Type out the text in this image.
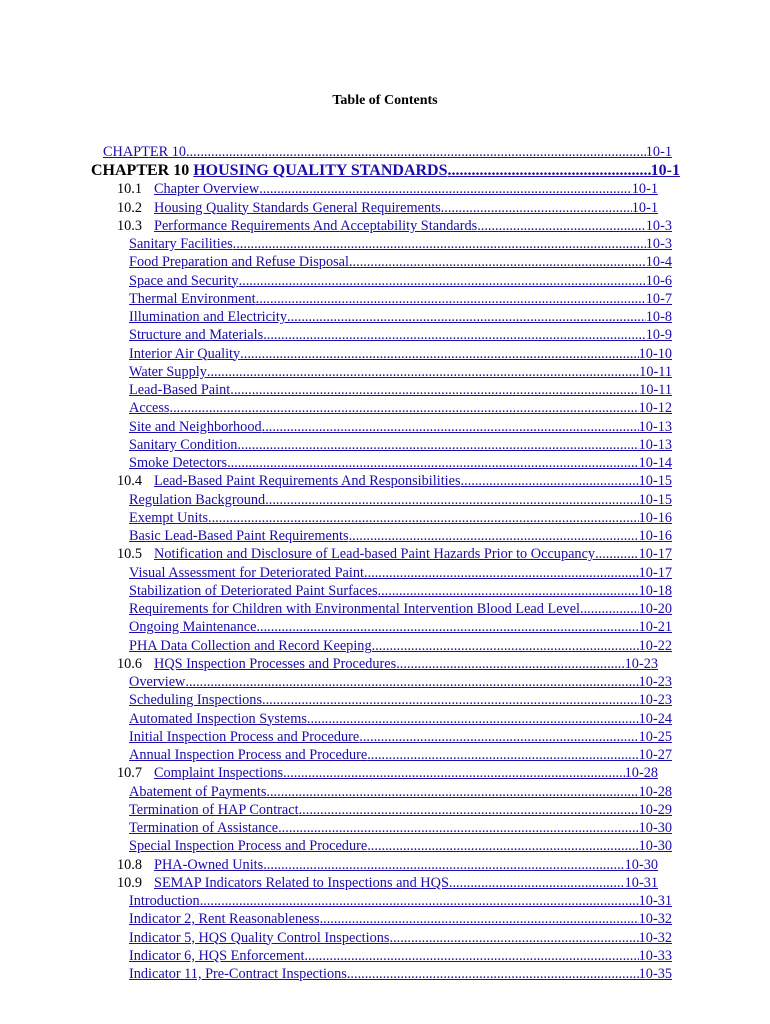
Table of Contents
CHAPTER 10 .....	10-1
CHAPTER 10 HOUSING QUALITY STANDARDS .....	10-1
10.1 Chapter Overview .....	10-1
10.2 Housing Quality Standards General Requirements .....	10-1
10.3 Performance Requirements And Acceptability Standards .....	10-3
Sanitary Facilities .....	10-3
Food Preparation and Refuse Disposal .....	10-4
Space and Security .....	10-6
Thermal Environment .....	10-7
Illumination and Electricity .....	10-8
Structure and Materials .....	10-9
Interior Air Quality .....	10-10
Water Supply .....	10-11
Lead-Based Paint .....	10-11
Access .....	10-12
Site and Neighborhood .....	10-13
Sanitary Condition .....	10-13
Smoke Detectors .....	10-14
10.4 Lead-Based Paint Requirements And Responsibilities .....	10-15
Regulation Background .....	10-15
Exempt Units .....	10-16
Basic Lead-Based Paint Requirements .....	10-16
10.5 Notification and Disclosure of Lead-based Paint Hazards Prior to Occupancy .....	10-17
Visual Assessment for Deteriorated Paint .....	10-17
Stabilization of Deteriorated Paint Surfaces .....	10-18
Requirements for Children with Environmental Intervention Blood Lead Level .....	10-20
Ongoing Maintenance .....	10-21
PHA Data Collection and Record Keeping .....	10-22
10.6 HQS Inspection Processes and Procedures .....	10-23
Overview .....	10-23
Scheduling Inspections .....	10-23
Automated Inspection Systems .....	10-24
Initial Inspection Process and Procedure .....	10-25
Annual Inspection Process and Procedure .....	10-27
10.7 Complaint Inspections .....	10-28
Abatement of Payments .....	10-28
Termination of HAP Contract .....	10-29
Termination of Assistance .....	10-30
Special Inspection Process and Procedure .....	10-30
10.8 PHA-Owned Units .....	10-30
10.9 SEMAP Indicators Related to Inspections and HQS .....	10-31
Introduction .....	10-31
Indicator 2, Rent Reasonableness .....	10-32
Indicator 5, HQS Quality Control Inspections .....	10-32
Indicator 6, HQS Enforcement .....	10-33
Indicator 11, Pre-Contract Inspections .....	10-35
